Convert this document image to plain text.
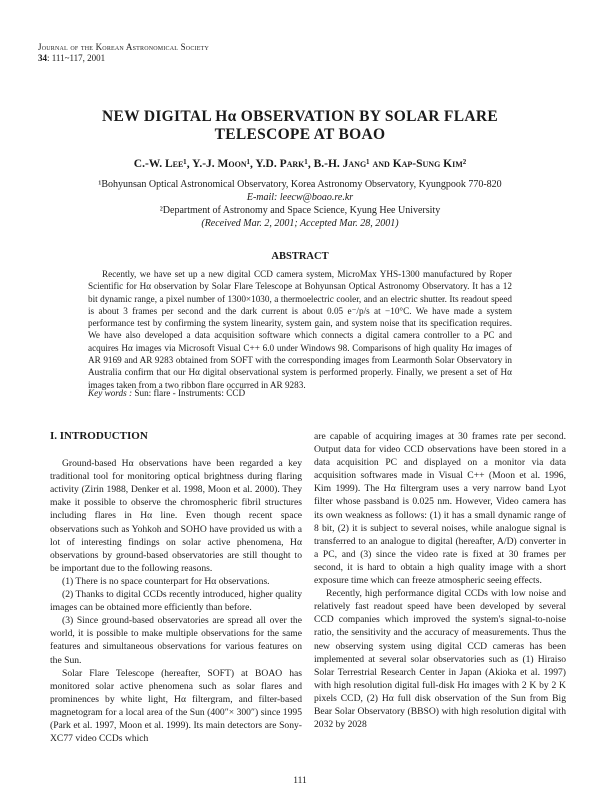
Journal of the Korean Astronomical Society
34: 111~117, 2001
NEW DIGITAL Hα OBSERVATION BY SOLAR FLARE
TELESCOPE AT BOAO
C.-W. Lee¹, Y.-J. Moon¹, Y.D. Park¹, B.-H. Jang¹ and Kap-Sung Kim²
¹Bohyunsan Optical Astronomical Observatory, Korea Astronomy Observatory, Kyungpook 770-820
E-mail: leecw@boao.re.kr
²Department of Astronomy and Space Science, Kyung Hee University
(Received Mar. 2, 2001; Accepted Mar. 28, 2001)
ABSTRACT

Recently, we have set up a new digital CCD camera system, MicroMax YHS-1300 manufactured by Roper Scientific for Hα observation by Solar Flare Telescope at Bohyunsan Optical Astronomy Observatory. It has a 12 bit dynamic range, a pixel number of 1300×1030, a thermoelectric cooler, and an electric shutter. Its readout speed is about 3 frames per second and the dark current is about 0.05 e⁻/p/s at −10°C. We have made a system performance test by confirming the system linearity, system gain, and system noise that its specification requires. We have also developed a data acquisition software which connects a digital camera controller to a PC and acquires Hα images via Microsoft Visual C++ 6.0 under Windows 98. Comparisons of high quality Hα images of AR 9169 and AR 9283 obtained from SOFT with the corresponding images from Learmonth Solar Observatory in Australia confirm that our Hα digital observational system is performed properly. Finally, we present a set of Hα images taken from a two ribbon flare occurred in AR 9283.

Key words : Sun: flare - Instruments: CCD

I. INTRODUCTION

Ground-based Hα observations have been regarded a key traditional tool for monitoring optical brightness during flaring activity (Zirin 1988, Denker et al. 1998, Moon et al. 2000). They make it possible to observe the chromospheric fibril structures including flares in Hα line. Even though recent space observations such as Yohkoh and SOHO have provided us with a lot of interesting findings on solar active phenomena, Hα observations by ground-based observatories are still thought to be important due to the following reasons.

(1) There is no space counterpart for Hα observations.

(2) Thanks to digital CCDs recently introduced, higher quality images can be obtained more efficiently than before.

(3) Since ground-based observatories are spread all over the world, it is possible to make multiple observations for the same features and simultaneous observations for various features on the Sun.

Solar Flare Telescope (hereafter, SOFT) at BOAO has monitored solar active phenomena such as solar flares and prominences by white light, Hα filtergram, and filter-based magnetogram for a local area of the Sun (400″× 300″) since 1995 (Park et al. 1997, Moon et al. 1999). Its main detectors are Sony-XC77 video CCDs which

are capable of acquiring images at 30 frames rate per second. Output data for video CCD observations have been stored in a data acquisition PC and displayed on a monitor via data acquisition softwares made in Visual C++ (Moon et al. 1996, Kim 1999). The Hα filtergram uses a very narrow band Lyot filter whose passband is 0.025 nm. However, Video camera has its own weakness as follows: (1) it has a small dynamic range of 8 bit, (2) it is subject to several noises, while analogue signal is transferred to an analogue to digital (hereafter, A/D) converter in a PC, and (3) since the video rate is fixed at 30 frames per second, it is hard to obtain a high quality image with a short exposure time which can freeze atmospheric seeing effects.

Recently, high performance digital CCDs with low noise and relatively fast readout speed have been developed by several CCD companies which improved the system's signal-to-noise ratio, the sensitivity and the accuracy of measurements. Thus the new observing system using digital CCD cameras has been implemented at several solar observatories such as (1) Hiraiso Solar Terrestrial Research Center in Japan (Akioka et al. 1997) with high resolution digital full-disk Hα images with 2 K by 2 K pixels CCD, (2) Hα full disk observation of the Sun from Big Bear Solar Observatory (BBSO) with high resolution digital with 2032 by 2028

111
